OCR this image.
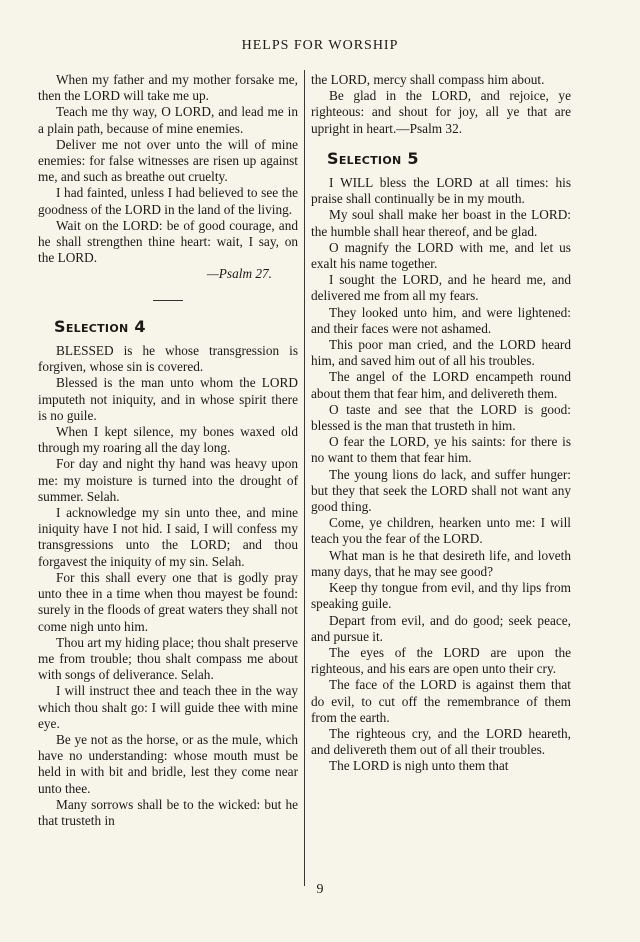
HELPS FOR WORSHIP

When my father and my mother forsake me, then the LORD will take me up.

Teach me thy way, O LORD, and lead me in a plain path, because of mine enemies.

Deliver me not over unto the will of mine enemies: for false witnesses are risen up against me, and such as breathe out cruelty.

I had fainted, unless I had believed to see the goodness of the LORD in the land of the living.

Wait on the LORD: be of good courage, and he shall strengthen thine heart: wait, I say, on the LORD.

—Psalm 27.

Selection 4

BLESSED is he whose transgression is forgiven, whose sin is covered.

Blessed is the man unto whom the LORD imputeth not iniquity, and in whose spirit there is no guile.

When I kept silence, my bones waxed old through my roaring all the day long.

For day and night thy hand was heavy upon me: my moisture is turned into the drought of summer. Selah.

I acknowledge my sin unto thee, and mine iniquity have I not hid. I said, I will confess my transgressions unto the LORD; and thou forgavest the iniquity of my sin. Selah.

For this shall every one that is godly pray unto thee in a time when thou mayest be found: surely in the floods of great waters they shall not come nigh unto him.

Thou art my hiding place; thou shalt preserve me from trouble; thou shalt compass me about with songs of deliverance. Selah.

I will instruct thee and teach thee in the way which thou shalt go: I will guide thee with mine eye.

Be ye not as the horse, or as the mule, which have no understanding: whose mouth must be held in with bit and bridle, lest they come near unto thee.

Many sorrows shall be to the wicked: but he that trusteth in

the LORD, mercy shall compass him about.

Be glad in the LORD, and rejoice, ye righteous: and shout for joy, all ye that are upright in heart.—Psalm 32.

Selection 5

I WILL bless the LORD at all times: his praise shall continually be in my mouth.

My soul shall make her boast in the LORD: the humble shall hear thereof, and be glad.

O magnify the LORD with me, and let us exalt his name together.

I sought the LORD, and he heard me, and delivered me from all my fears.

They looked unto him, and were lightened: and their faces were not ashamed.

This poor man cried, and the LORD heard him, and saved him out of all his troubles.

The angel of the LORD encampeth round about them that fear him, and delivereth them.

O taste and see that the LORD is good: blessed is the man that trusteth in him.

O fear the LORD, ye his saints: for there is no want to them that fear him.

The young lions do lack, and suffer hunger: but they that seek the LORD shall not want any good thing.

Come, ye children, hearken unto me: I will teach you the fear of the LORD.

What man is he that desireth life, and loveth many days, that he may see good?

Keep thy tongue from evil, and thy lips from speaking guile.

Depart from evil, and do good; seek peace, and pursue it.

The eyes of the LORD are upon the righteous, and his ears are open unto their cry.

The face of the LORD is against them that do evil, to cut off the remembrance of them from the earth.

The righteous cry, and the LORD heareth, and delivereth them out of all their troubles.

The LORD is nigh unto them that

9
